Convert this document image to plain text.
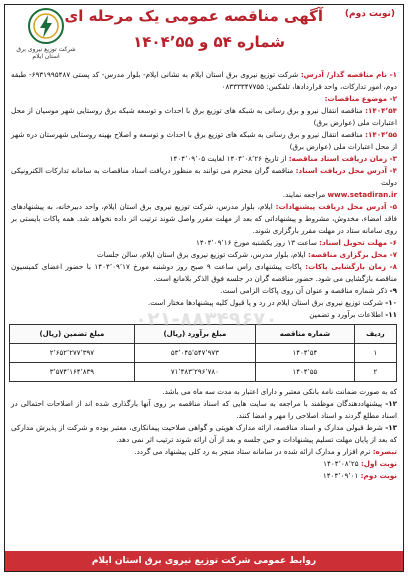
(نوبت دوم)
آگهی مناقصه عمومی یک مرحله ای
شماره ۵۴ و ۱۴۰۴٬۵۵
شرکت توزیع نیروی برق استان ایلام

۱- نام مناقصه گذار/ آدرس: شرکت توزیع نیروی برق استان ایلام به نشانی ایلام- بلوار مدرس- کد پستی ۶۹۳۱۹۹۵۴۸۷- طبقه دوم، امور تدارکات، واحد قراردادها، تلفکس: ۰۸۳۳۳۳۴۷۷۵۵

۲- موضوع مناقصات:

۱۴۰۴٬۵۴: مناقصه انتقال نیرو و برق رسانی به شبکه های توزیع برق با احداث و توسعه شبکه برق روستایی شهر موسیان از محل اعتبارات ملی (عوارض برق)

۱۴۰۴٬۵۵: مناقصه انتقال نیرو و برق رسانی به شبکه های توزیع برق با احداث و توسعه و اصلاح بهینه روستایی شهرستان دره شهر از محل اعتبارات ملی (عوارض برق)

۳- زمان دریافت اسناد مناقصه: از تاریخ ۱۴۰۴٬۰۸٬۲۶ لغایت ۱۴۰۴٬۰۹٬۰۵

۴- آدرس محل دریافت اسناد: مناقصه گران محترم می توانند به منظور دریافت اسناد مناقصات به سامانه تدارکات الکترونیکی دولت

www.setadiran.ir مراجعه نمایند.

۵- آدرس محل دریافت پیشنهادات: ایلام، بلوار مدرس، شرکت توزیع نیروی برق استان ایلام، واحد دبیرخانه، به پیشنهادهای فاقد امضاء، مخدوش، مشروط و پیشنهاداتی که بعد از مهلت مقرر واصل شوند ترتیب اثر داده نخواهد شد. همه پاکات بایستی بر روی سامانه ستاد در مهلت مقرر بارگزاری شوند.

۶- مهلت تحویل اسناد: ساعت ۱۳ روز یکشنبه مورخ ۱۴۰۴٬۰۹٬۱۶

۷- محل برگزاری مناقصه: ایلام، بلوار مدرس، شرکت توزیع نیروی برق استان ایلام، سالن جلسات

۸- زمان بازگشایی پاکات: پاکات پیشنهادی راس ساعت ۹ صبح روز دوشنبه مورخ ۱۴۰۴٬۰۹٬۱۷ با حضور اعضای کمیسیون مناقصه بازگشایی می شود. حضور مناقصه گران در جلسه فوق الذکر بلامانع است.

۹- ذکر شماره مناقصه و عنوان آن روی پاکات الزامی است.

۱۰- شرکت توزیع نیروی برق استان ایلام در رد و یا قبول کلیه پیشنهادها مختار است.

۱۱- اطلاعات برآورد و تضمین

ردیف	شماره مناقصه	مبلغ برآورد (ریال)	مبلغ تضمین (ریال)
۱	۱۴۰۴٬۵۴	۵۳٬۰۴۵٬۵۴۷٬۹۷۳	۲٬۶۵۲٬۲۷۷٬۳۹۷
۲	۱۴۰۴٬۵۵	۷۱٬۴۸۳٬۲۹۶٬۷۸۰	۳٬۵۷۴٬۱۶۴٬۸۳۹

که به صورت ضمانت نامه بانکی معتبر و دارای اعتبار به مدت سه ماه می باشد.

۱۲- پیشنهاددهندگان موظفند با مراجعه به سایت هایی که اسناد مناقصه بر روی آنها بارگذاری شده اند از اصلاحات احتمالی در اسناد مطلع گردند و اسناد اصلاحی را مهر و امضا کنند.

۱۳- شرط قبولی مدارک و اسناد مناقصه، ارائه مدارک هویتی و گواهی صلاحیت پیمانکاری، معتبر بوده و شرکت از پذیرش مدارکی که بعد از پایان مهلت تسلیم پیشنهادات و حین جلسه و بعد از آن ارائه شوند ترتیب اثر نمی دهد.

تبصره: نرم افزار و مدارک ارائه شده در سامانه ستاد منجر به رد کلی پیشنهاد می گردد.

نوبت اول: ۱۴۰۴٬۰۸٬۲۵

نوبت دوم: ۱۴۰۴٬۰۹٬۰۱

۰۲۱-۸۸۳۴۹۶۷۰
روابط عمومی شرکت توزیع نیروی برق استان ایلام
